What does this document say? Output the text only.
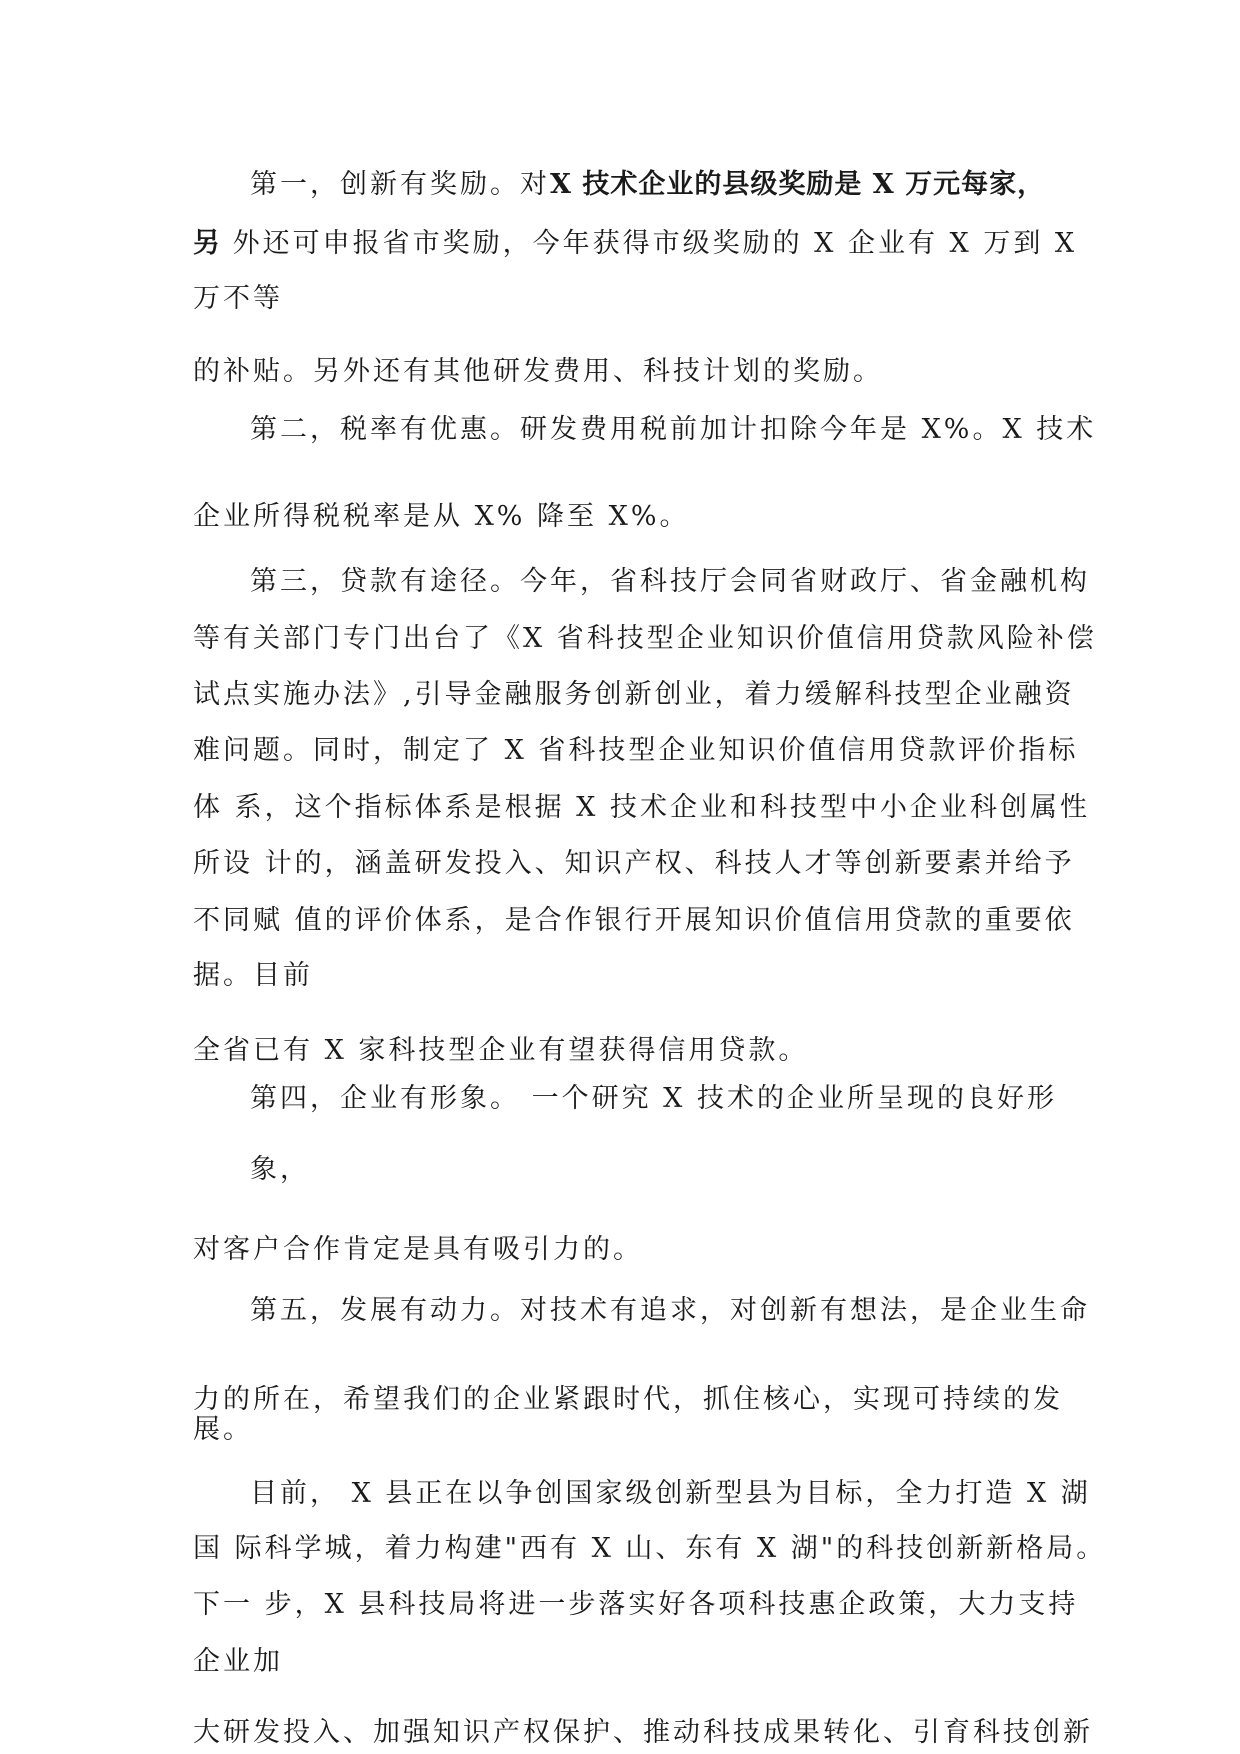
第一，创新有奖励。对X 技术企业的县级奖励是 X 万元每家，
另 外还可申报省市奖励，今年获得市级奖励的 X 企业有 X 万到 X
万不等
的补贴。另外还有其他研发费用、科技计划的奖励。
第二，税率有优惠。研发费用税前加计扣除今年是 X%。X 技术
企业所得税税率是从 X% 降至 X%。
第三，贷款有途径。今年，省科技厅会同省财政厅、省金融机构
等有关部门专门出台了《X 省科技型企业知识价值信用贷款风险补偿
试点实施办法》,引导金融服务创新创业，着力缓解科技型企业融资
难问题。同时，制定了 X 省科技型企业知识价值信用贷款评价指标
体 系，这个指标体系是根据 X 技术企业和科技型中小企业科创属性
所设 计的，涵盖研发投入、知识产权、科技人才等创新要素并给予
不同赋 值的评价体系，是合作银行开展知识价值信用贷款的重要依
据。目前
全省已有 X 家科技型企业有望获得信用贷款。
第四，企业有形象。 一个研究 X 技术的企业所呈现的良好形
象，
对客户合作肯定是具有吸引力的。
第五，发展有动力。对技术有追求，对创新有想法，是企业生命
力的所在，希望我们的企业紧跟时代，抓住核心，实现可持续的发
展。
目前， X 县正在以争创国家级创新型县为目标，全力打造 X 湖
国 际科学城，着力构建"西有 X 山、东有 X 湖"的科技创新新格局。
下一 步，X 县科技局将进一步落实好各项科技惠企政策，大力支持
企业加
大研发投入、加强知识产权保护、推动科技成果转化、引育科技创新
